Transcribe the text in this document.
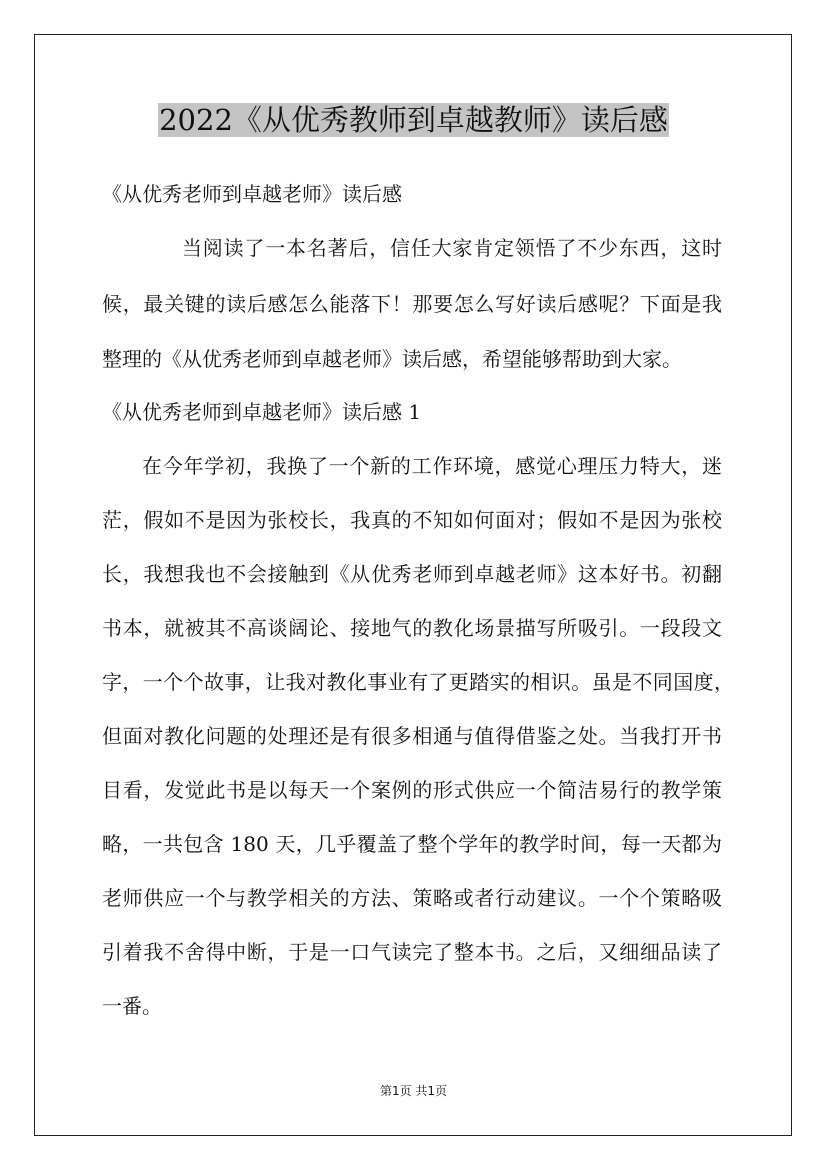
2022《从优秀教师到卓越教师》读后感
《从优秀老师到卓越老师》读后感
当阅读了一本名著后，信任大家肯定领悟了不少东西，这时
候，最关键的读后感怎么能落下！那要怎么写好读后感呢？下面是我
整理的《从优秀老师到卓越老师》读后感，希望能够帮助到大家。
《从优秀老师到卓越老师》读后感 1
在今年学初，我换了一个新的工作环境，感觉心理压力特大，迷
茫，假如不是因为张校长，我真的不知如何面对；假如不是因为张校
长，我想我也不会接触到《从优秀老师到卓越老师》这本好书。初翻
书本，就被其不高谈阔论、接地气的教化场景描写所吸引。一段段文
字，一个个故事，让我对教化事业有了更踏实的相识。虽是不同国度，
但面对教化问题的处理还是有很多相通与值得借鉴之处。当我打开书
目看，发觉此书是以每天一个案例的形式供应一个简洁易行的教学策
略，一共包含 180 天，几乎覆盖了整个学年的教学时间，每一天都为
老师供应一个与教学相关的方法、策略或者行动建议。一个个策略吸
引着我不舍得中断，于是一口气读完了整本书。之后，又细细品读了
一番。
第1页 共1页
